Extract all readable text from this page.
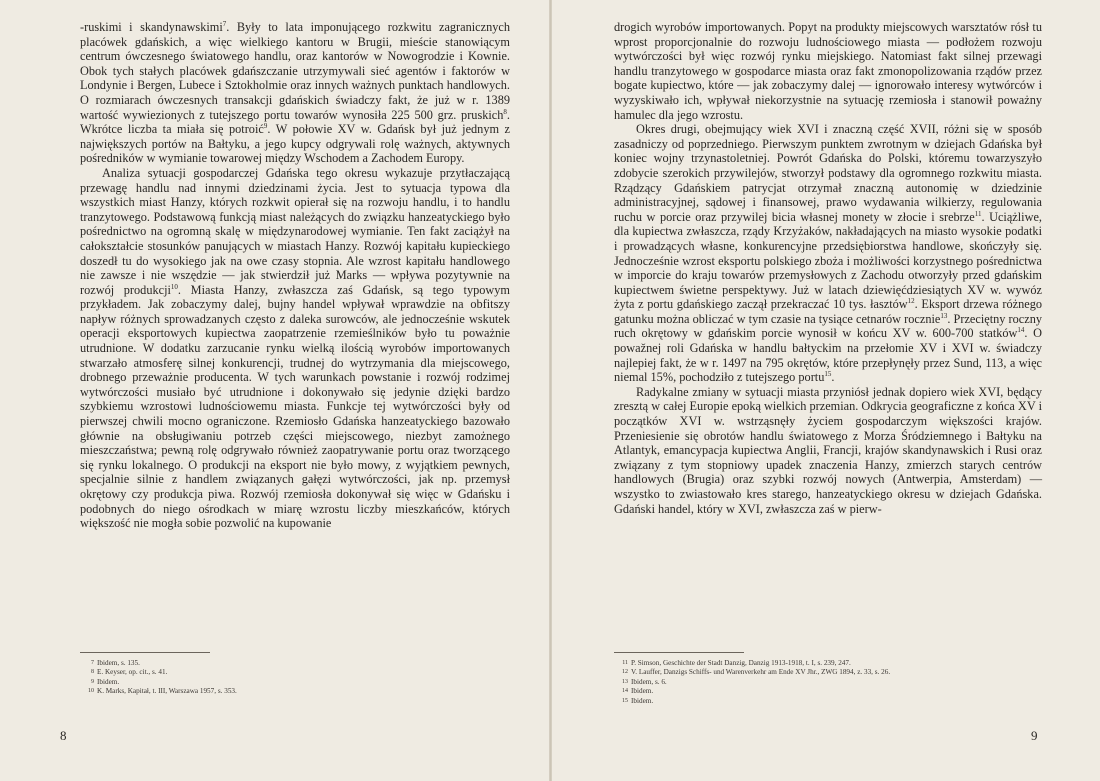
-ruskimi i skandynawskimi$^7$. Były to lata imponującego rozkwitu zagranicznych placówek gdańskich, a więc wielkiego kantoru w Brugii, mieście stanowiącym centrum ówczesnego światowego handlu, oraz kantorów w Nowogrodzie i Kownie. Obok tych stałych placówek gdańszczanie utrzymywali sieć agentów i faktorów w Londynie i Bergen, Lubece i Sztokholmie oraz innych ważnych punktach handlowych. O rozmiarach ówczesnych transakcji gdańskich świadczy fakt, że już w r. 1389 wartość wywiezionych z tutejszego portu towarów wynosiła 225 500 grz. pruskich$^8$. Wkrótce liczba ta miała się potroić$^9$. W połowie XV w. Gdańsk był już jednym z największych portów na Bałtyku, a jego kupcy odgrywali rolę ważnych, aktywnych pośredników w wymianie towarowej między Wschodem a Zachodem Europy.

Analiza sytuacji gospodarczej Gdańska tego okresu wykazuje przytłaczającą przewagę handlu nad innymi dziedzinami życia. Jest to sytuacja typowa dla wszystkich miast Hanzy, których rozkwit opierał się na rozwoju handlu, i to handlu tranzytowego. Podstawową funkcją miast należących do związku hanzeatyckiego było pośrednictwo na ogromną skalę w międzynarodowej wymianie. Ten fakt zaciążył na całokształcie stosunków panujących w miastach Hanzy. Rozwój kapitału kupieckiego doszedł tu do wysokiego jak na owe czasy stopnia. Ale wzrost kapitału handlowego nie zawsze i nie wszędzie — jak stwierdził już Marks — wpływa pozytywnie na rozwój produkcji$^{10}$. Miasta Hanzy, zwłaszcza zaś Gdańsk, są tego typowym przykładem. Jak zobaczymy dalej, bujny handel wpływał wprawdzie na obfitszy napływ różnych sprowadzanych często z daleka surowców, ale jednocześnie wskutek operacji eksportowych kupiectwa zaopatrzenie rzemieślników było tu poważnie utrudnione. W dodatku zarzucanie rynku wielką ilością wyrobów importowanych stwarzało atmosferę silnej konkurencji, trudnej do wytrzymania dla miejscowego, drobnego przeważnie producenta. W tych warunkach powstanie i rozwój rodzimej wytwórczości musiało być utrudnione i dokonywało się jedynie dzięki bardzo szybkiemu wzrostowi ludnościowemu miasta. Funkcje tej wytwórczości były od pierwszej chwili mocno ograniczone. Rzemiosło Gdańska hanzeatyckiego bazowało głównie na obsługiwaniu potrzeb części miejscowego, niezbyt zamożnego mieszczaństwa; pewną rolę odgrywało również zaopatrywanie portu oraz tworzącego się rynku lokalnego. O produkcji na eksport nie było mowy, z wyjątkiem pewnych, specjalnie silnie z handlem związanych gałęzi wytwórczości, jak np. przemysł okrętowy czy produkcja piwa. Rozwój rzemiosła dokonywał się więc w Gdańsku i podobnych do niego ośrodkach w miarę wzrostu liczby mieszkańców, których większość nie mogła sobie pozwolić na kupowanie

7 Ibidem, s. 135.
8 E. Keyser, op. cit., s. 41.
9 Ibidem.
10 K. Marks, Kapitał, t. III, Warszawa 1957, s. 353.
8

drogich wyrobów importowanych. Popyt na produkty miejscowych warsztatów rósł tu wprost proporcjonalnie do rozwoju ludnościowego miasta — podłożem rozwoju wytwórczości był więc rozwój rynku miejskiego. Natomiast fakt silnej przewagi handlu tranzytowego w gospodarce miasta oraz fakt zmonopolizowania rządów przez bogate kupiectwo, które — jak zobaczymy dalej — ignorowało interesy wytwórców i wyzyskiwało ich, wpływał niekorzystnie na sytuację rzemiosła i stanowił poważny hamulec dla jego wzrostu.

Okres drugi, obejmujący wiek XVI i znaczną część XVII, różni się w sposób zasadniczy od poprzedniego. Pierwszym punktem zwrotnym w dziejach Gdańska był koniec wojny trzynastoletniej. Powrót Gdańska do Polski, któremu towarzyszyło zdobycie szerokich przywilejów, stworzył podstawy dla ogromnego rozkwitu miasta. Rządzący Gdańskiem patrycjat otrzymał znaczną autonomię w dziedzinie administracyjnej, sądowej i finansowej, prawo wydawania wilkierzy, regulowania ruchu w porcie oraz przywilej bicia własnej monety w złocie i srebrze$^{11}$. Uciążliwe, dla kupiectwa zwłaszcza, rządy Krzyżaków, nakładających na miasto wysokie podatki i prowadzących własne, konkurencyjne przedsiębiorstwa handlowe, skończyły się. Jednocześnie wzrost eksportu polskiego zboża i możliwości korzystnego pośrednictwa w imporcie do kraju towarów przemysłowych z Zachodu otworzyły przed gdańskim kupiectwem świetne perspektywy. Już w latach dziewięćdziesiątych XV w. wywóz żyta z portu gdańskiego zaczął przekraczać 10 tys. łasztów$^{12}$. Eksport drzewa różnego gatunku można obliczać w tym czasie na tysiące cetnarów rocznie$^{13}$. Przeciętny roczny ruch okrętowy w gdańskim porcie wynosił w końcu XV w. 600-700 statków$^{14}$. O powažnej roli Gdańska w handlu bałtyckim na przełomie XV i XVI w. świadczy najlepiej fakt, że w r. 1497 na 795 okrętów, które przepłynęły przez Sund, 113, a więc niemal 15%, pochodziło z tutejszego portu$^{15}$.

Radykalne zmiany w sytuacji miasta przyniósł jednak dopiero wiek XVI, będący zresztą w całej Europie epoką wielkich przemian. Odkrycia geograficzne z końca XV i początków XVI w. wstrząsnęły życiem gospodarczym większości krajów. Przeniesienie się obrotów handlu światowego z Morza Śródziemnego i Bałtyku na Atlantyk, emancypacja kupiectwa Anglii, Francji, krajów skandynawskich i Rusi oraz związany z tym stopniowy upadek znaczenia Hanzy, zmierzch starych centrów handlowych (Brugia) oraz szybki rozwój nowych (Antwerpia, Amsterdam) — wszystko to zwiastowało kres starego, hanzeatyckiego okresu w dziejach Gdańska. Gdański handel, który w XVI, zwłaszcza zaś w pierw-

11 P. Simson, Geschichte der Stadt Danzig, Danzig 1913-1918, t. I, s. 239, 247.
12 V. Lauffer, Danzigs Schiffs- und Warenverkehr am Ende XV Jhr., ZWG 1894, z. 33, s. 26.
13 Ibidem, s. 6.
14 Ibidem.
15 Ibidem.
9
